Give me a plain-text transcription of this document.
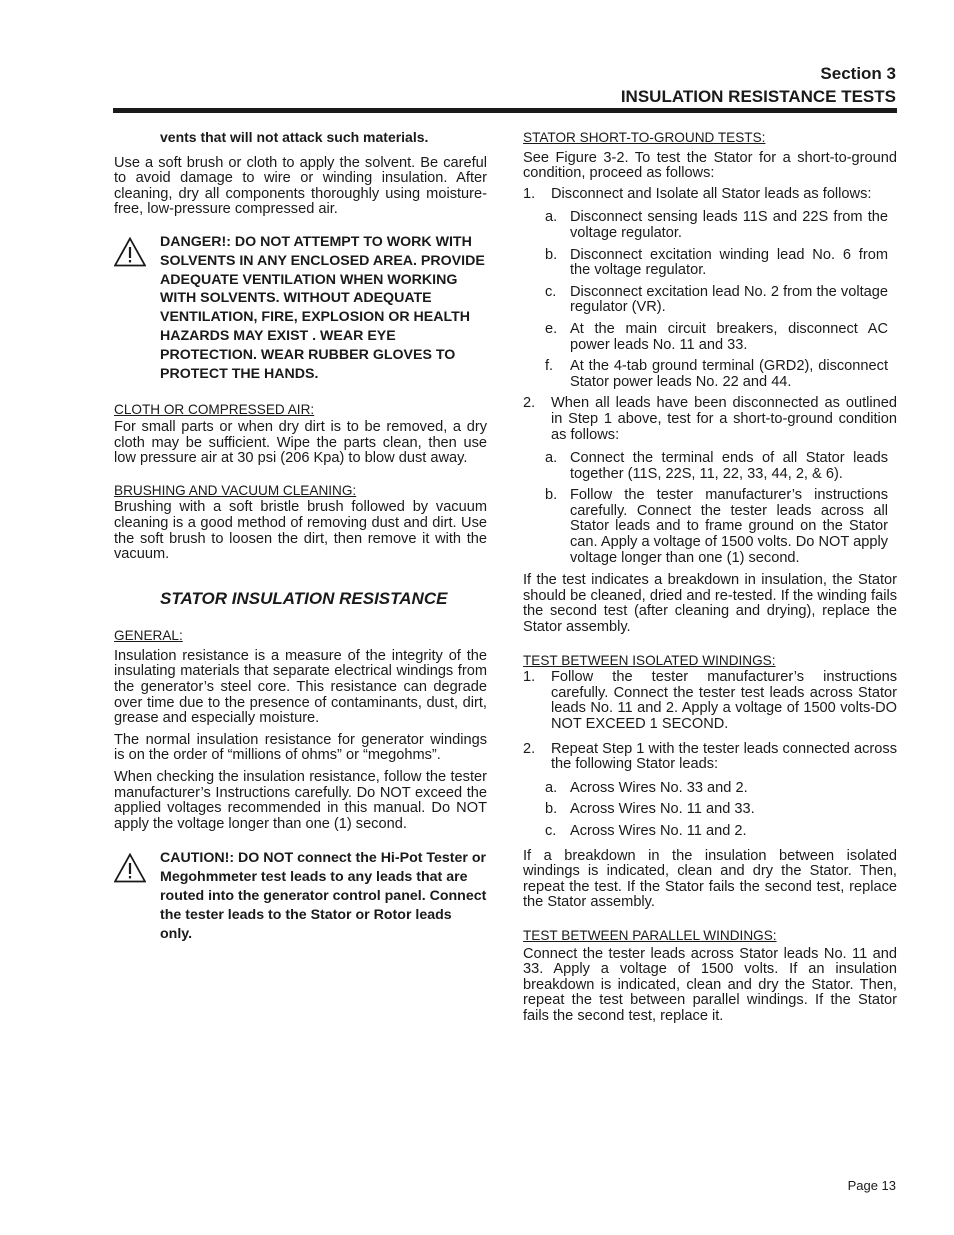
Section 3
INSULATION RESISTANCE TESTS

vents that will not attack such materials.

Use a soft brush or cloth to apply the solvent. Be careful to avoid damage to wire or winding insulation. After cleaning, dry all components thoroughly using moisture-free, low-pressure compressed air.

DANGER!: DO NOT ATTEMPT TO WORK WITH SOLVENTS IN ANY ENCLOSED AREA. PROVIDE ADEQUATE VENTILATION WHEN WORKING WITH SOLVENTS. WITHOUT ADEQUATE VENTILATION, FIRE, EXPLOSION OR HEALTH HAZARDS MAY EXIST . WEAR EYE PROTECTION. WEAR RUBBER GLOVES TO PROTECT THE HANDS.

CLOTH OR COMPRESSED AIR:

For small parts or when dry dirt is to be removed, a dry cloth may be sufficient. Wipe the parts clean, then use low pressure air at 30 psi (206 Kpa) to blow dust away.

BRUSHING AND VACUUM CLEANING:

Brushing with a soft bristle brush followed by vacuum cleaning is a good method of removing dust and dirt. Use the soft brush to loosen the dirt, then remove it with the vacuum.

STATOR INSULATION RESISTANCE

GENERAL:

Insulation resistance is a measure of the integrity of the insulating materials that separate electrical windings from the generator’s steel core. This resistance can degrade over time due to the presence of contaminants, dust, dirt, grease and especially moisture.

The normal insulation resistance for generator windings is on the order of “millions of ohms” or “megohms”.

When checking the insulation resistance, follow the tester manufacturer’s Instructions carefully. Do NOT exceed the applied voltages recommended in this manual. Do NOT apply the voltage longer than one (1) second.

CAUTION!: DO NOT connect the Hi-Pot Tester or Megohmmeter test leads to any leads that are routed into the generator control panel. Connect the tester leads to the Stator or Rotor leads only.

STATOR SHORT-TO-GROUND TESTS:

See Figure 3-2. To test the Stator for a short-to-ground condition, proceed as follows:

1. Disconnect and Isolate all Stator leads as follows:

a. Disconnect sensing leads 11S and 22S from the voltage regulator.

b. Disconnect excitation winding lead No. 6 from the voltage regulator.

c. Disconnect excitation lead No. 2 from the voltage regulator (VR).

e. At the main circuit breakers, disconnect AC power leads No. 11 and 33.

f. At the 4-tab ground terminal (GRD2), disconnect Stator power leads No. 22 and 44.

2. When all leads have been disconnected as outlined in Step 1 above, test for a short-to-ground condition as follows:

a. Connect the terminal ends of all Stator leads together (11S, 22S, 11, 22, 33, 44, 2, & 6).

b. Follow the tester manufacturer’s instructions carefully. Connect the tester leads across all Stator leads and to frame ground on the Stator can. Apply a voltage of 1500 volts. Do NOT apply voltage longer than one (1) second.

If the test indicates a breakdown in insulation, the Stator should be cleaned, dried and re-tested. If the winding fails the second test (after cleaning and drying), replace the Stator assembly.

TEST BETWEEN ISOLATED WINDINGS:

1. Follow the tester manufacturer’s instructions carefully. Connect the tester test leads across Stator leads No. 11 and 2. Apply a voltage of 1500 volts-DO NOT EXCEED 1 SECOND.

2. Repeat Step 1 with the tester leads connected across the following Stator leads:

a. Across Wires No. 33 and 2.

b. Across Wires No. 11 and 33.

c. Across Wires No. 11 and 2.

If a breakdown in the insulation between isolated windings is indicated, clean and dry the Stator. Then, repeat the test. If the Stator fails the second test, replace the Stator assembly.

TEST BETWEEN PARALLEL WINDINGS:

Connect the tester leads across Stator leads No. 11 and 33. Apply a voltage of 1500 volts. If an insulation breakdown is indicated, clean and dry the Stator. Then, repeat the test between parallel windings. If the Stator fails the second test, replace it.

Page 13
